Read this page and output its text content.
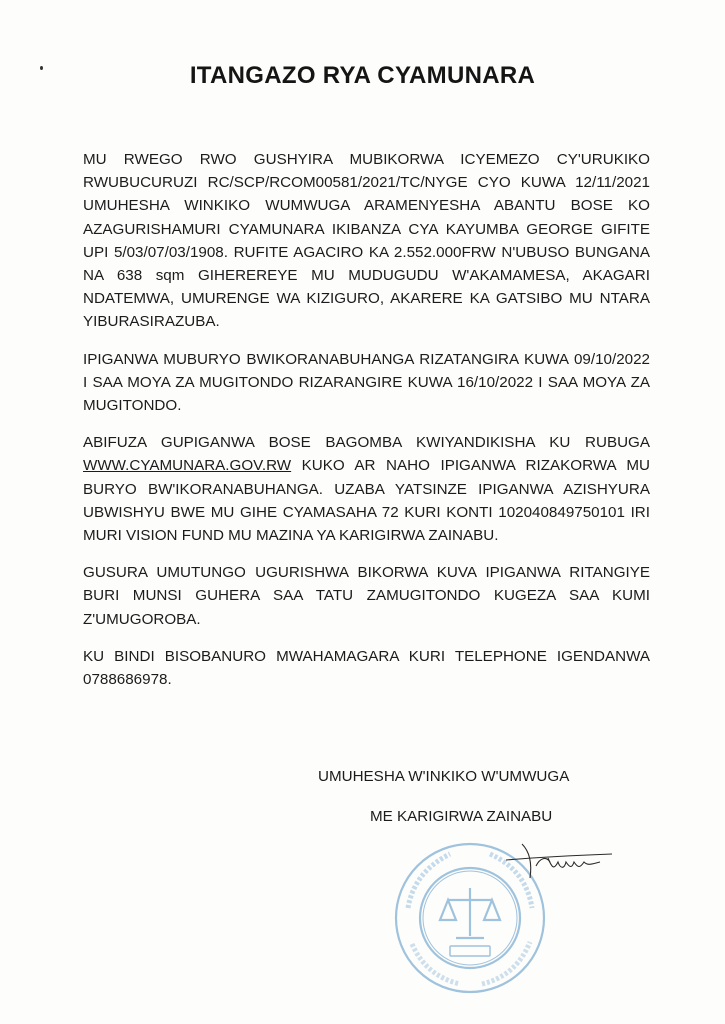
ITANGAZO RYA CYAMUNARA

MU RWEGO RWO GUSHYIRA MUBIKORWA ICYEMEZO CY'URUKIKO RWUBUCURUZI RC/SCP/RCOM00581/2021/TC/NYGE CYO KUWA 12/11/2021 UMUHESHA WINKIKO WUMWUGA ARAMENYESHA ABANTU BOSE KO AZAGURISHAMURI CYAMUNARA IKIBANZA CYA KAYUMBA GEORGE GIFITE UPI 5/03/07/03/1908. RUFITE AGACIRO KA 2.552.000FRW N'UBUSO BUNGANA NA 638 sqm GIHEREREYE MU MUDUGUDU W'AKAMAMESA, AKAGARI NDATEMWA, UMURENGE WA KIZIGURO, AKARERE KA GATSIBO MU NTARA YIBURASIRAZUBA.

IPIGANWA MUBURYO BWIKORANABUHANGA RIZATANGIRA KUWA 09/10/2022 I SAA MOYA ZA MUGITONDO RIZARANGIRE KUWA 16/10/2022 I SAA MOYA ZA MUGITONDO.

ABIFUZA GUPIGANWA BOSE BAGOMBA KWIYANDIKISHA KU RUBUGA WWW.CYAMUNARA.GOV.RW KUKO AR NAHO IPIGANWA RIZAKORWA MU BURYO BW'IKORANABUHANGA. UZABA YATSINZE IPIGANWA AZISHYURA UBWISHYU BWE MU GIHE CYAMASAHA 72 KURI KONTI 102040849750101 IRI MURI VISION FUND MU MAZINA YA KARIGIRWA ZAINABU.

GUSURA UMUTUNGO UGURISHWA BIKORWA KUVA IPIGANWA RITANGIYE BURI MUNSI GUHERA SAA TATU ZAMUGITONDO KUGEZA SAA KUMI Z'UMUGOROBA.

KU BINDI BISOBANURO MWAHAMAGARA KURI TELEPHONE IGENDANWA 0788686978.

UMUHESHA W'INKIKO W'UMWUGA
ME KARIGIRWA ZAINABU
